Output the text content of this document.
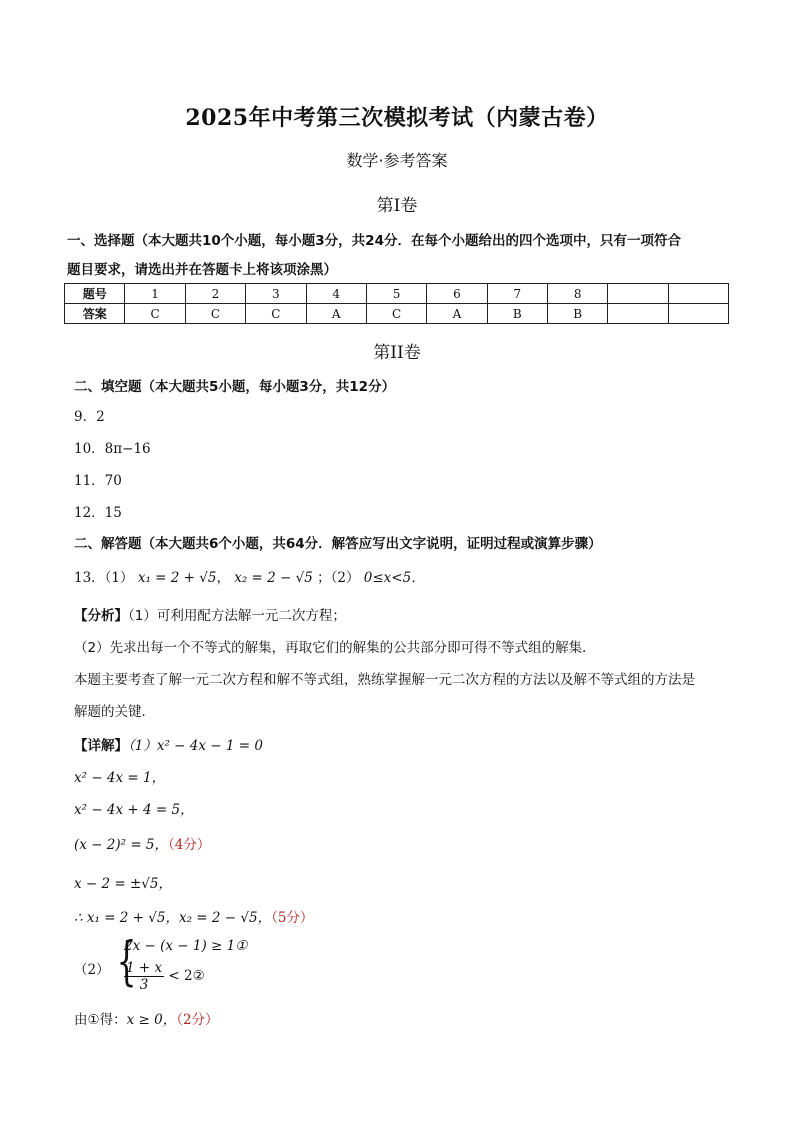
2025年中考第三次模拟考试（内蒙古卷）
数学·参考答案
第Ⅰ卷
一、选择题（本大题共10个小题，每小题3分，共24分．在每个小题给出的四个选项中，只有一项符合
题目要求，请选出并在答题卡上将该项涂黑）
题号	1	2	3	4	5	6	7	8		
答案	C	C	C	A	C	A	B	B		
第II卷
二、填空题（本大题共5小题，每小题3分，共12分）
9．2
10．8π−16
11．70
12．15
二、解答题（本大题共6个小题，共64分．解答应写出文字说明，证明过程或演算步骤）
13．（1） x₁ = 2 + √5， x₂ = 2 − √5 ；（2） 0≤x<5．
【分析】（1）可利用配方法解一元二次方程；
（2）先求出每一个不等式的解集，再取它们的解集的公共部分即可得不等式组的解集．
本题主要考查了解一元二次方程和解不等式组，熟练掌握解一元二次方程的方法以及解不等式组的方法是
解题的关键．
【详解】（1）x² − 4x − 1 = 0
x² − 4x = 1，
x² − 4x + 4 = 5，
(x − 2)² = 5，（4分）
x − 2 = ±√5，
∴ x₁ = 2 + √5，x₂ = 2 − √5，（5分）
（2） {
2x − (x − 1) ≥ 1①
$\frac{1 + x}{3}$ < 2②
由①得：x ≥ 0，（2分）
